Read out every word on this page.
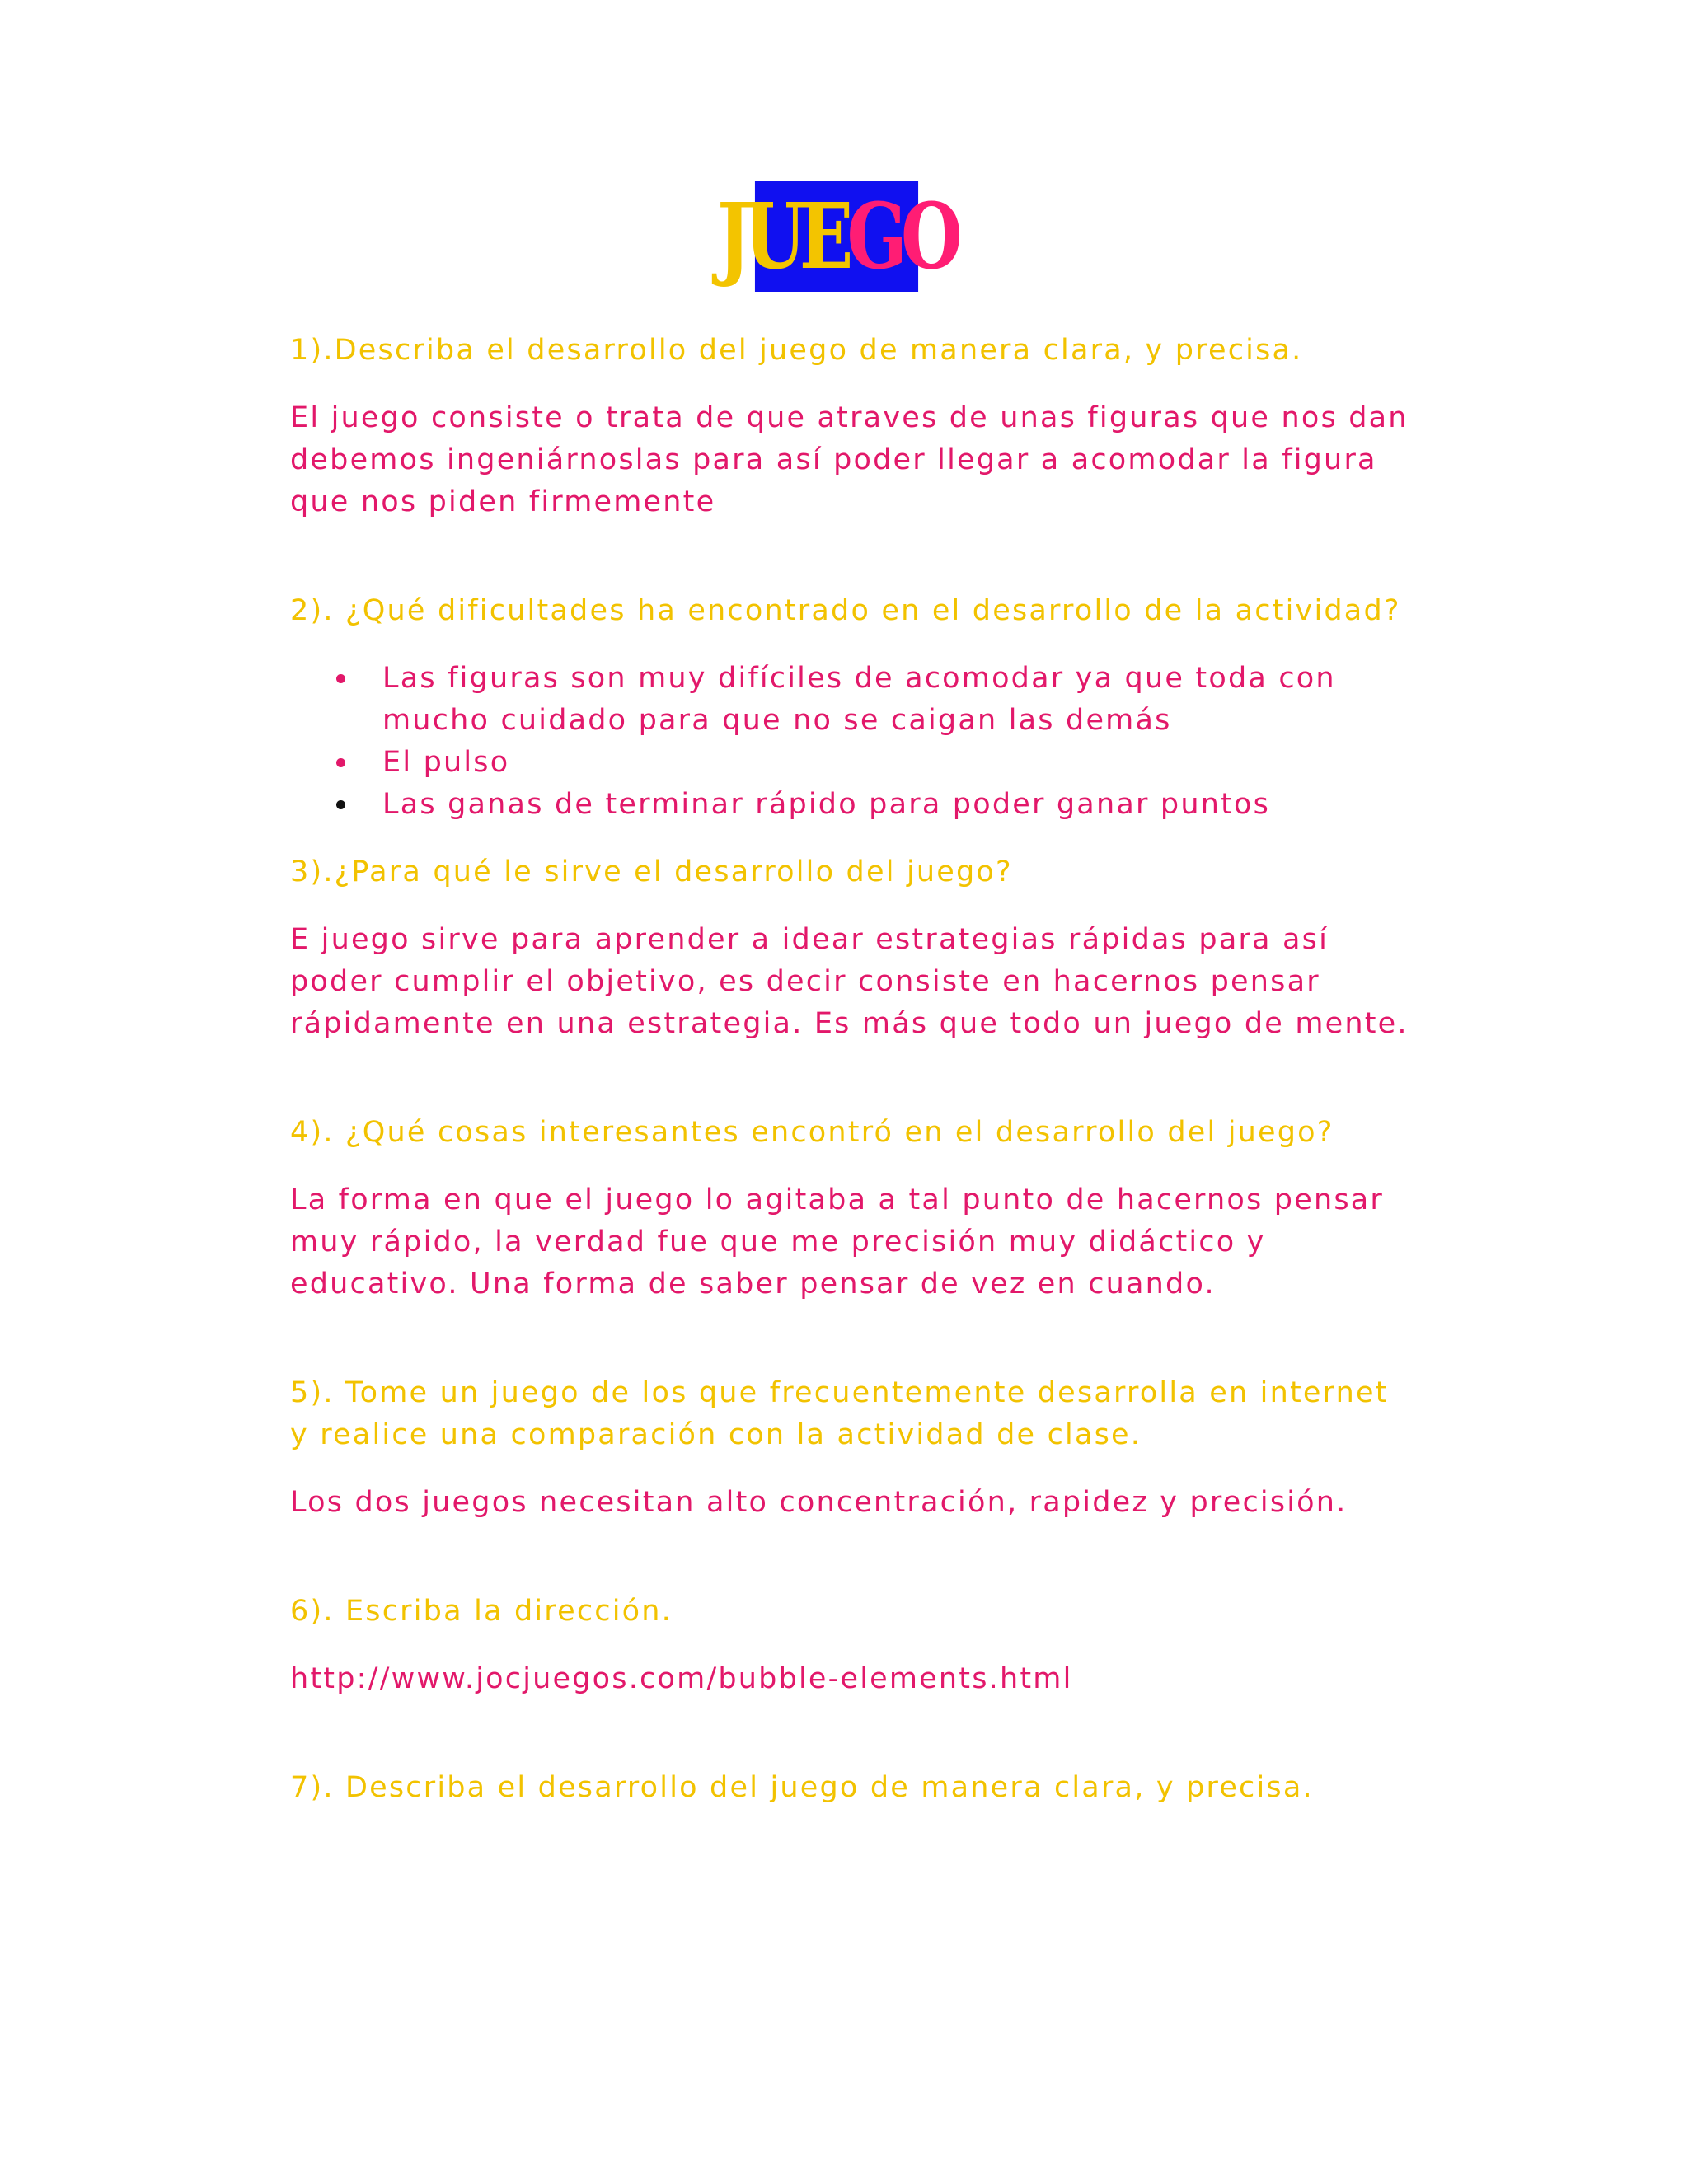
JUE GO

1).Describa el desarrollo del juego de manera clara, y precisa.

El juego consiste o trata de que atraves de unas figuras que nos dan debemos ingeniárnoslas para así poder llegar a acomodar la figura que nos piden firmemente

2). ¿Qué dificultades ha encontrado en el desarrollo de la actividad?

Las figuras son muy difíciles de acomodar ya que toda con mucho cuidado para que no se caigan las demás
El pulso
Las ganas de terminar rápido para poder ganar puntos

3).¿Para qué le sirve el desarrollo del juego?

E juego sirve para aprender a idear estrategias rápidas para así poder cumplir el objetivo, es decir consiste en hacernos pensar rápidamente en una estrategia. Es más que todo un juego de mente.

4). ¿Qué cosas interesantes encontró en el desarrollo del juego?

La forma en que el juego lo agitaba a tal punto de hacernos pensar muy rápido, la verdad fue que me precisión muy didáctico y educativo. Una forma de saber pensar de vez en cuando.

5). Tome un juego de los que frecuentemente desarrolla en internet y realice una comparación con la actividad de clase.

Los dos juegos necesitan alto concentración, rapidez y precisión.

6). Escriba la dirección.

http://www.jocjuegos.com/bubble-elements.html

7). Describa el desarrollo del juego de manera clara, y precisa.
